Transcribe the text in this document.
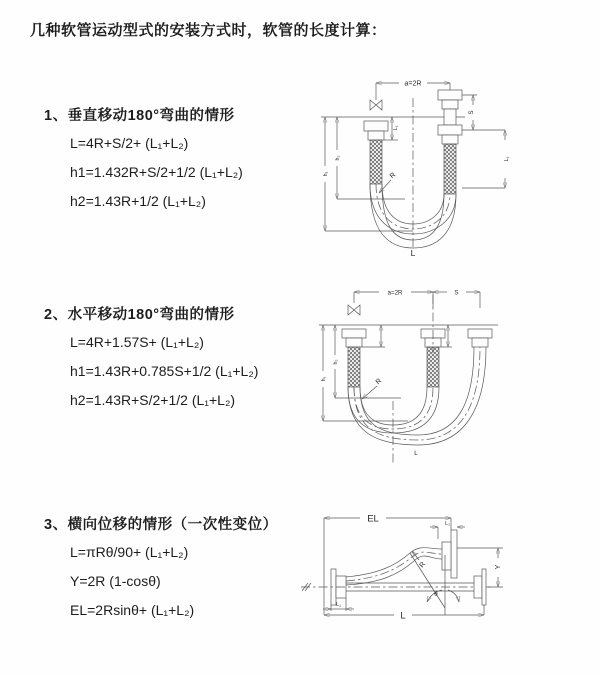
几种软管运动型式的安装方式时，软管的长度计算：
1、垂直移动180°弯曲的情形
L=4R+S/2+ (L₁+L₂)
h1=1.432R+S/2+1/2 (L₁+L₂)
h2=1.43R+1/2 (L₁+L₂)
2、水平移动180°弯曲的情形
L=4R+1.57S+ (L₁+L₂)
h1=1.43R+0.785S+1/2 (L₁+L₂)
h2=1.43R+S/2+1/2 (L₁+L₂)
3、横向位移的情形（一次性变位）
L=πRθ/90+ (L₁+L₂)
Y=2R (1-cosθ)
EL=2Rsinθ+ (L₁+L₂)
a=2R
L₁
S
L₁
h₁
h₂
R
L
a=2R	S
h₁
h₂
R
L
EL	L₁
Y
R
θ
L
L₁
